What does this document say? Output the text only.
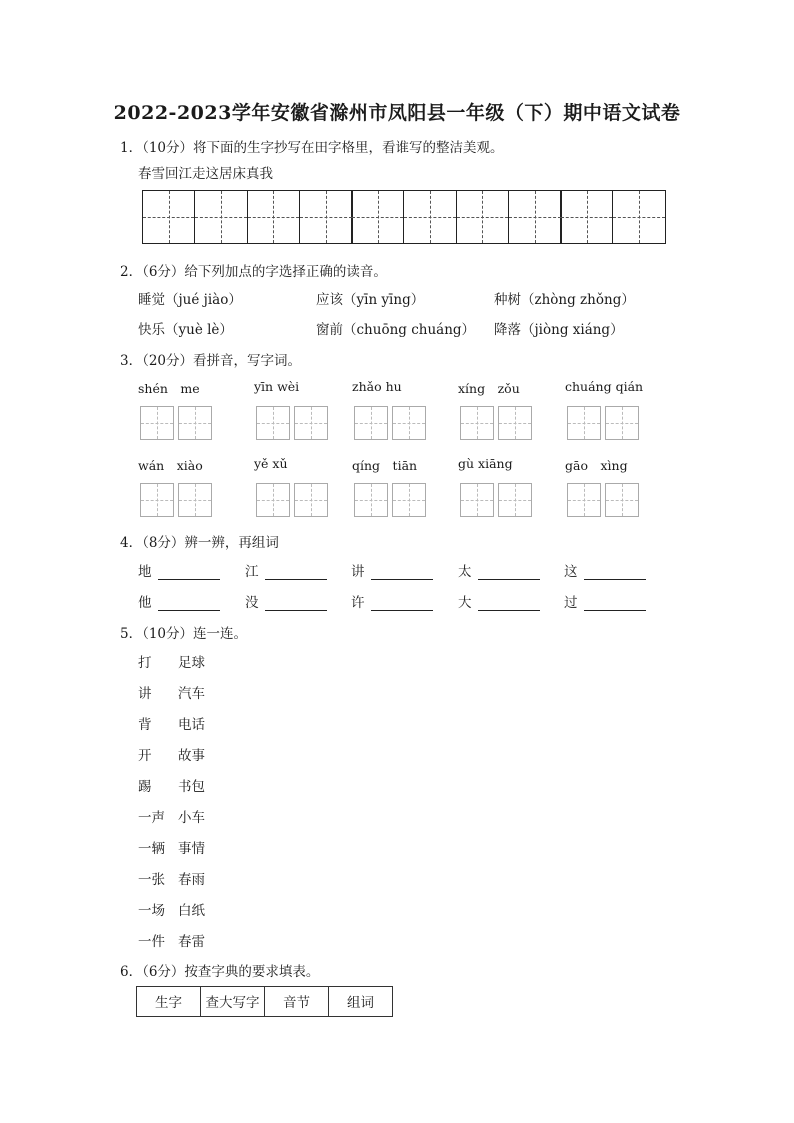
2022-2023学年安徽省滁州市凤阳县一年级（下）期中语文试卷
1．（10分）将下面的生字抄写在田字格里，看谁写的整洁美观。
春雪回江走这居床真我
2．（6分）给下列加点的字选择正确的读音。
睡觉（jué jiào）	应该（yīn yīng）	种树（zhòng zhǒng）
快乐（yuè lè）	窗前（chuōng chuáng） 降落（jiòng xiáng）
3．（20分）看拼音，写字词。
shén　me	yīn wèi	zhǎo hu	xíng　zǒu	chuáng qián
wán　xiào	yě xǔ	qíng　tiān	gù xiāng	gāo　xìng
4．（8分）辨一辨，再组词
地	江	讲	太	这
他	没	许	大	过
5．（10分）连一连。
打 足球
讲 汽车
背 电话
开 故事
踢 书包
一声 小车
一辆 事情
一张 春雨
一场 白纸
一件 春雷
6．（6分）按查字典的要求填表。
生字	查大写字	音节	组词
